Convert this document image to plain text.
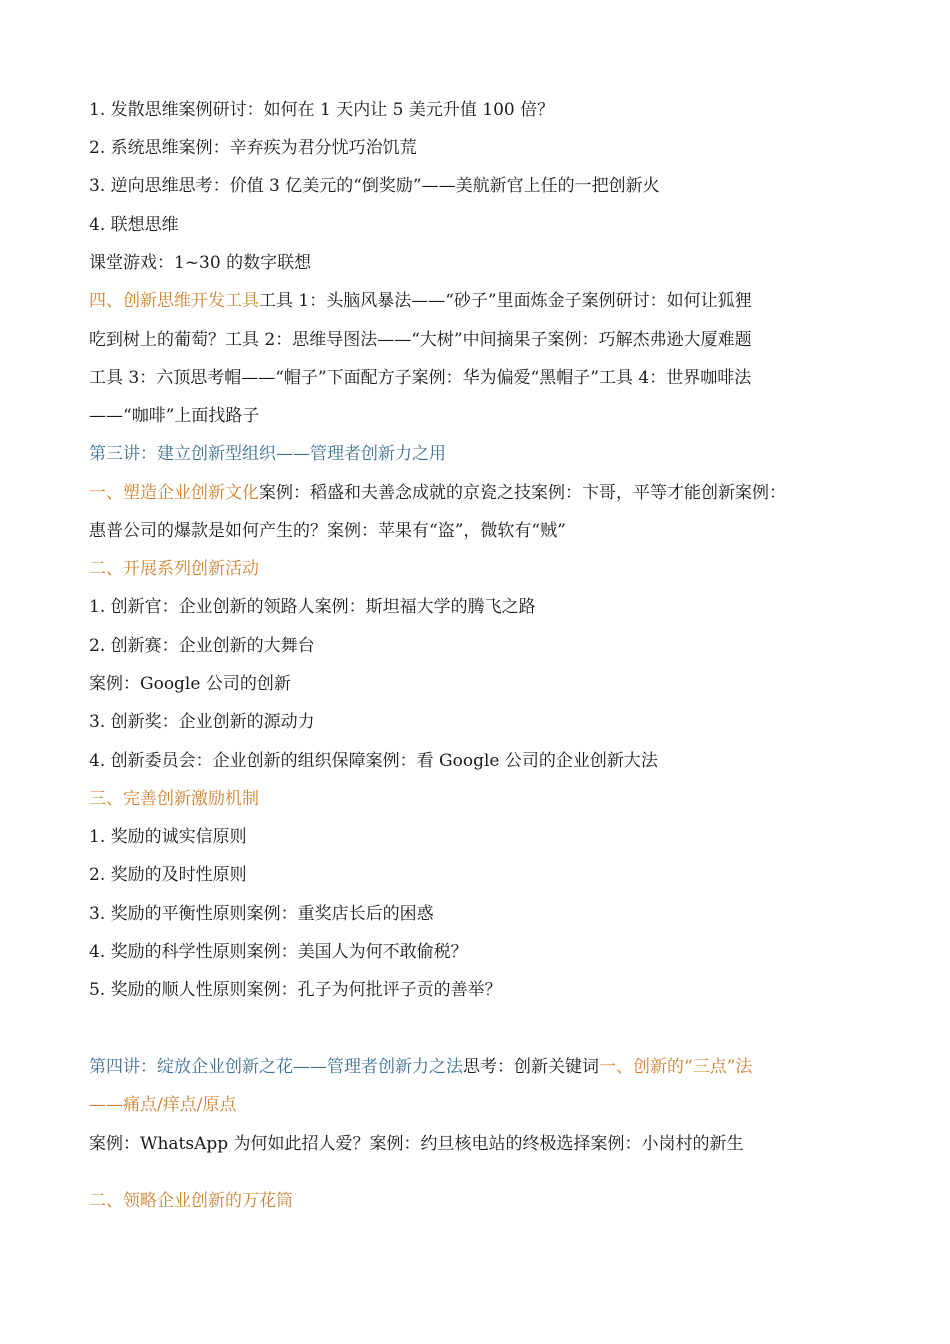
1. 发散思维案例研讨：如何在 1 天内让 5 美元升值 100 倍？
2. 系统思维案例：辛弃疾为君分忧巧治饥荒
3. 逆向思维思考：价值 3 亿美元的“倒奖励”——美航新官上任的一把创新火
4. 联想思维
课堂游戏：1~30 的数字联想
四、创新思维开发工具工具 1：头脑风暴法——“砂子”里面炼金子案例研讨：如何让狐狸
吃到树上的葡萄？工具 2：思维导图法——“大树”中间摘果子案例：巧解杰弗逊大厦难题
工具 3：六顶思考帽——“帽子”下面配方子案例：华为偏爱“黑帽子”工具 4：世界咖啡法
——“咖啡”上面找路子
第三讲：建立创新型组织——管理者创新力之用
一、塑造企业创新文化案例：稻盛和夫善念成就的京瓷之技案例：卞哥，平等才能创新案例：
惠普公司的爆款是如何产生的？案例：苹果有“盗”，微软有“贼”
二、开展系列创新活动
1. 创新官：企业创新的领路人案例：斯坦福大学的腾飞之路
2. 创新赛：企业创新的大舞台
案例：Google 公司的创新
3. 创新奖：企业创新的源动力
4. 创新委员会：企业创新的组织保障案例：看 Google 公司的企业创新大法
三、完善创新激励机制
1. 奖励的诚实信原则
2. 奖励的及时性原则
3. 奖励的平衡性原则案例：重奖店长后的困惑
4. 奖励的科学性原则案例：美国人为何不敢偷税？
5. 奖励的顺人性原则案例：孔子为何批评子贡的善举？
第四讲：绽放企业创新之花——管理者创新力之法思考：创新关键词一、创新的“三点”法
——痛点/痒点/原点
案例：WhatsApp 为何如此招人爱？案例：约旦核电站的终极选择案例：小岗村的新生
二、领略企业创新的万花筒
